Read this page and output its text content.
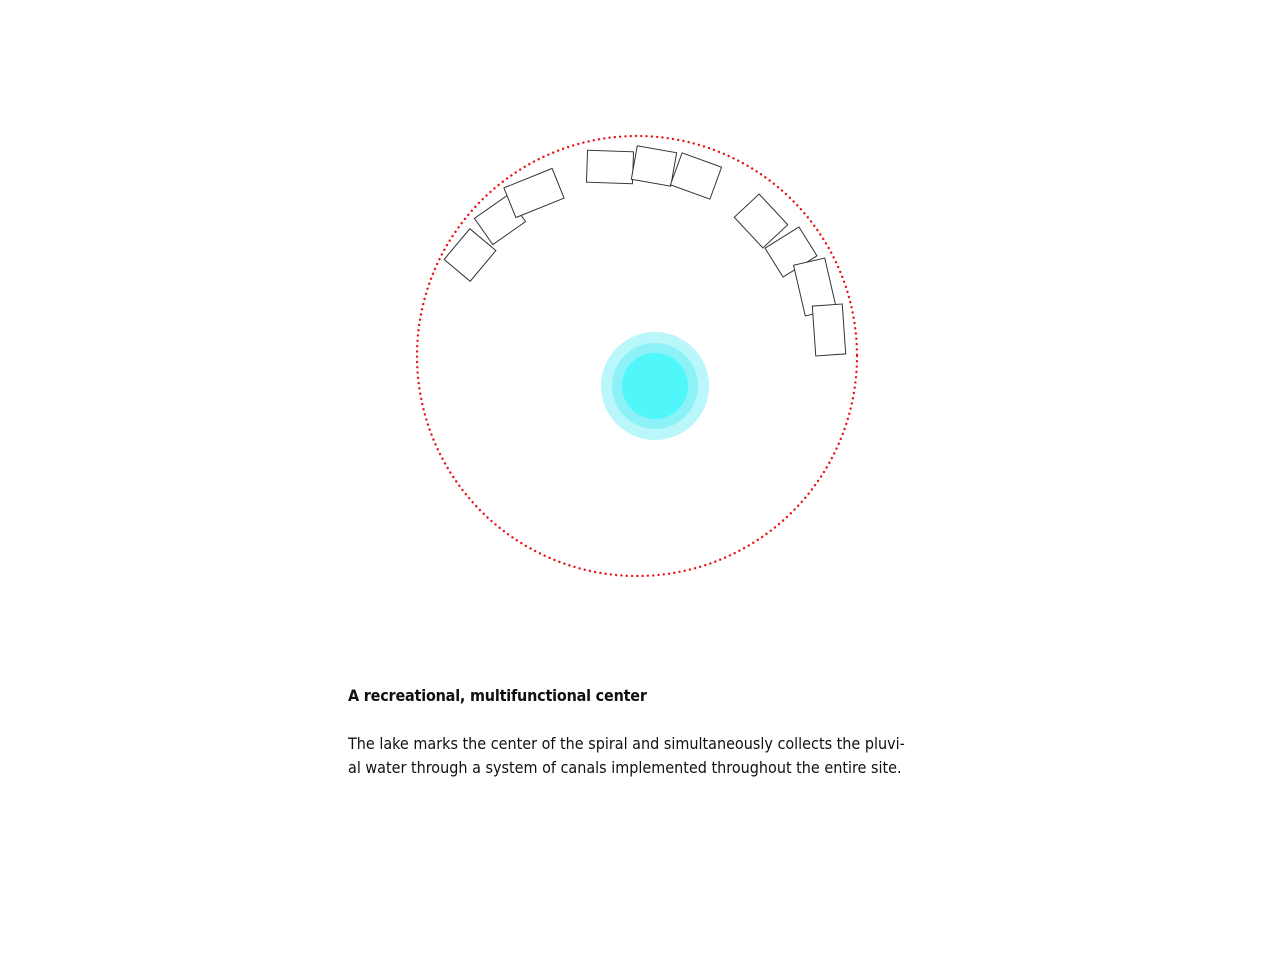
A recreational, multifunctional center

The lake marks the center of the spiral and simultaneously collects the pluvi-
al water through a system of canals implemented throughout the entire site.
